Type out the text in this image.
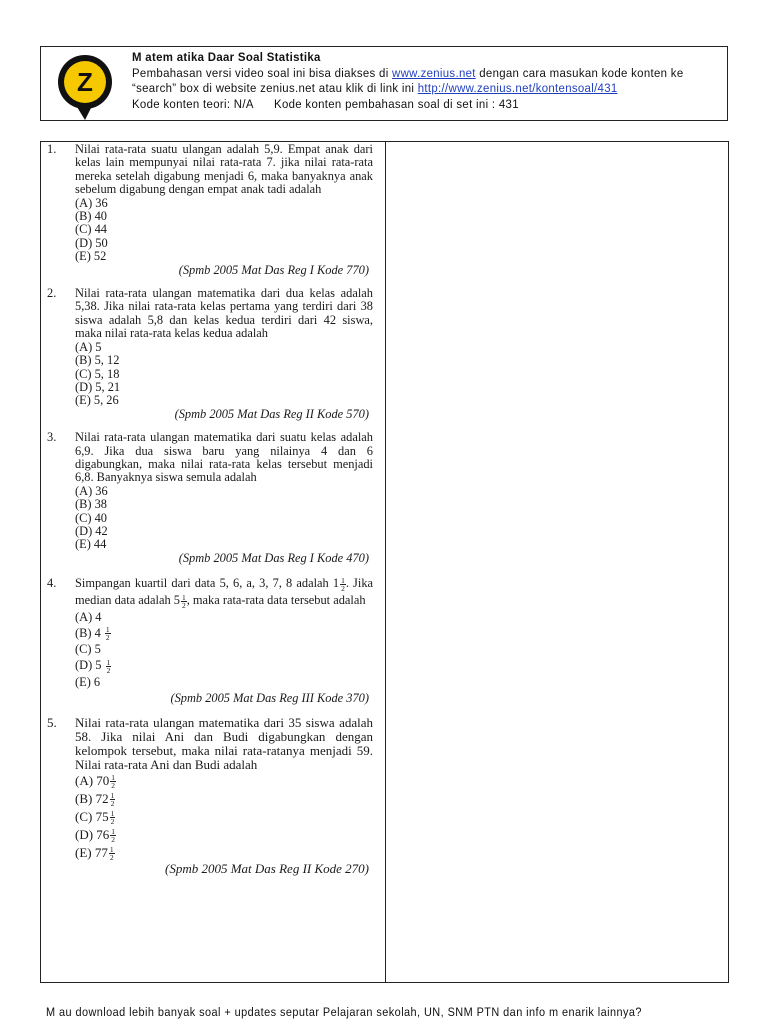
Z
M atem atika Daar Soal Statistika
Pembahasan versi video soal ini bisa diakses di www.zenius.net dengan cara masukan kode konten ke
“search” box di website zenius.net atau klik di link ini http://www.zenius.net/kontensoal/431
Kode konten teori: N/A Kode konten pembahasan soal di set ini : 431
1. Nilai rata-rata suatu ulangan adalah 5,9. Empat anak dari kelas lain mempunyai nilai rata-rata 7. jika nilai rata-rata mereka setelah digabung menjadi 6, maka banyaknya anak sebelum digabung dengan empat anak tadi adalah
(A) 36
(B) 40
(C) 44
(D) 50
(E) 52
(Spmb 2005 Mat Das Reg I Kode 770)
2. Nilai rata-rata ulangan matematika dari dua kelas adalah 5,38. Jika nilai rata-rata kelas pertama yang terdiri dari 38 siswa adalah 5,8 dan kelas kedua terdiri dari 42 siswa, maka nilai rata-rata kelas kedua adalah
(A) 5
(B) 5, 12
(C) 5, 18
(D) 5, 21
(E) 5, 26
(Spmb 2005 Mat Das Reg II Kode 570)
3. Nilai rata-rata ulangan matematika dari suatu kelas adalah 6,9. Jika dua siswa baru yang nilainya 4 dan 6 digabungkan, maka nilai rata-rata kelas tersebut menjadi 6,8. Banyaknya siswa semula adalah
(A) 36
(B) 38
(C) 40
(D) 42
(E) 44
(Spmb 2005 Mat Das Reg I Kode 470)
4. Simpangan kuartil dari data 5, 6, a, 3, 7, 8 adalah $1 \frac{1}{2}$ . Jika median data adalah $5 \frac{1}{2}$ , maka rata-rata data tersebut adalah
(A) 4
(B) $4 \frac{1}{2}$
(C) 5
(D) $5 \frac{1}{2}$
(E) 6
(Spmb 2005 Mat Das Reg III Kode 370)
5. Nilai rata-rata ulangan matematika dari 35 siswa adalah 58. Jika nilai Ani dan Budi digabungkan dengan kelompok tersebut, maka nilai rata-ratanya menjadi 59. Nilai rata-rata Ani dan Budi adalah
(A) $70 \frac{1}{2}$
(B) $72 \frac{1}{2}$
(C) $75 \frac{1}{2}$
(D) $76 \frac{1}{2}$
(E) $77 \frac{1}{2}$
(Spmb 2005 Mat Das Reg II Kode 270)
M au download lebih banyak soal + updates seputar Pelajaran sekolah, UN, SNM PTN dan info m enarik lainnya?
